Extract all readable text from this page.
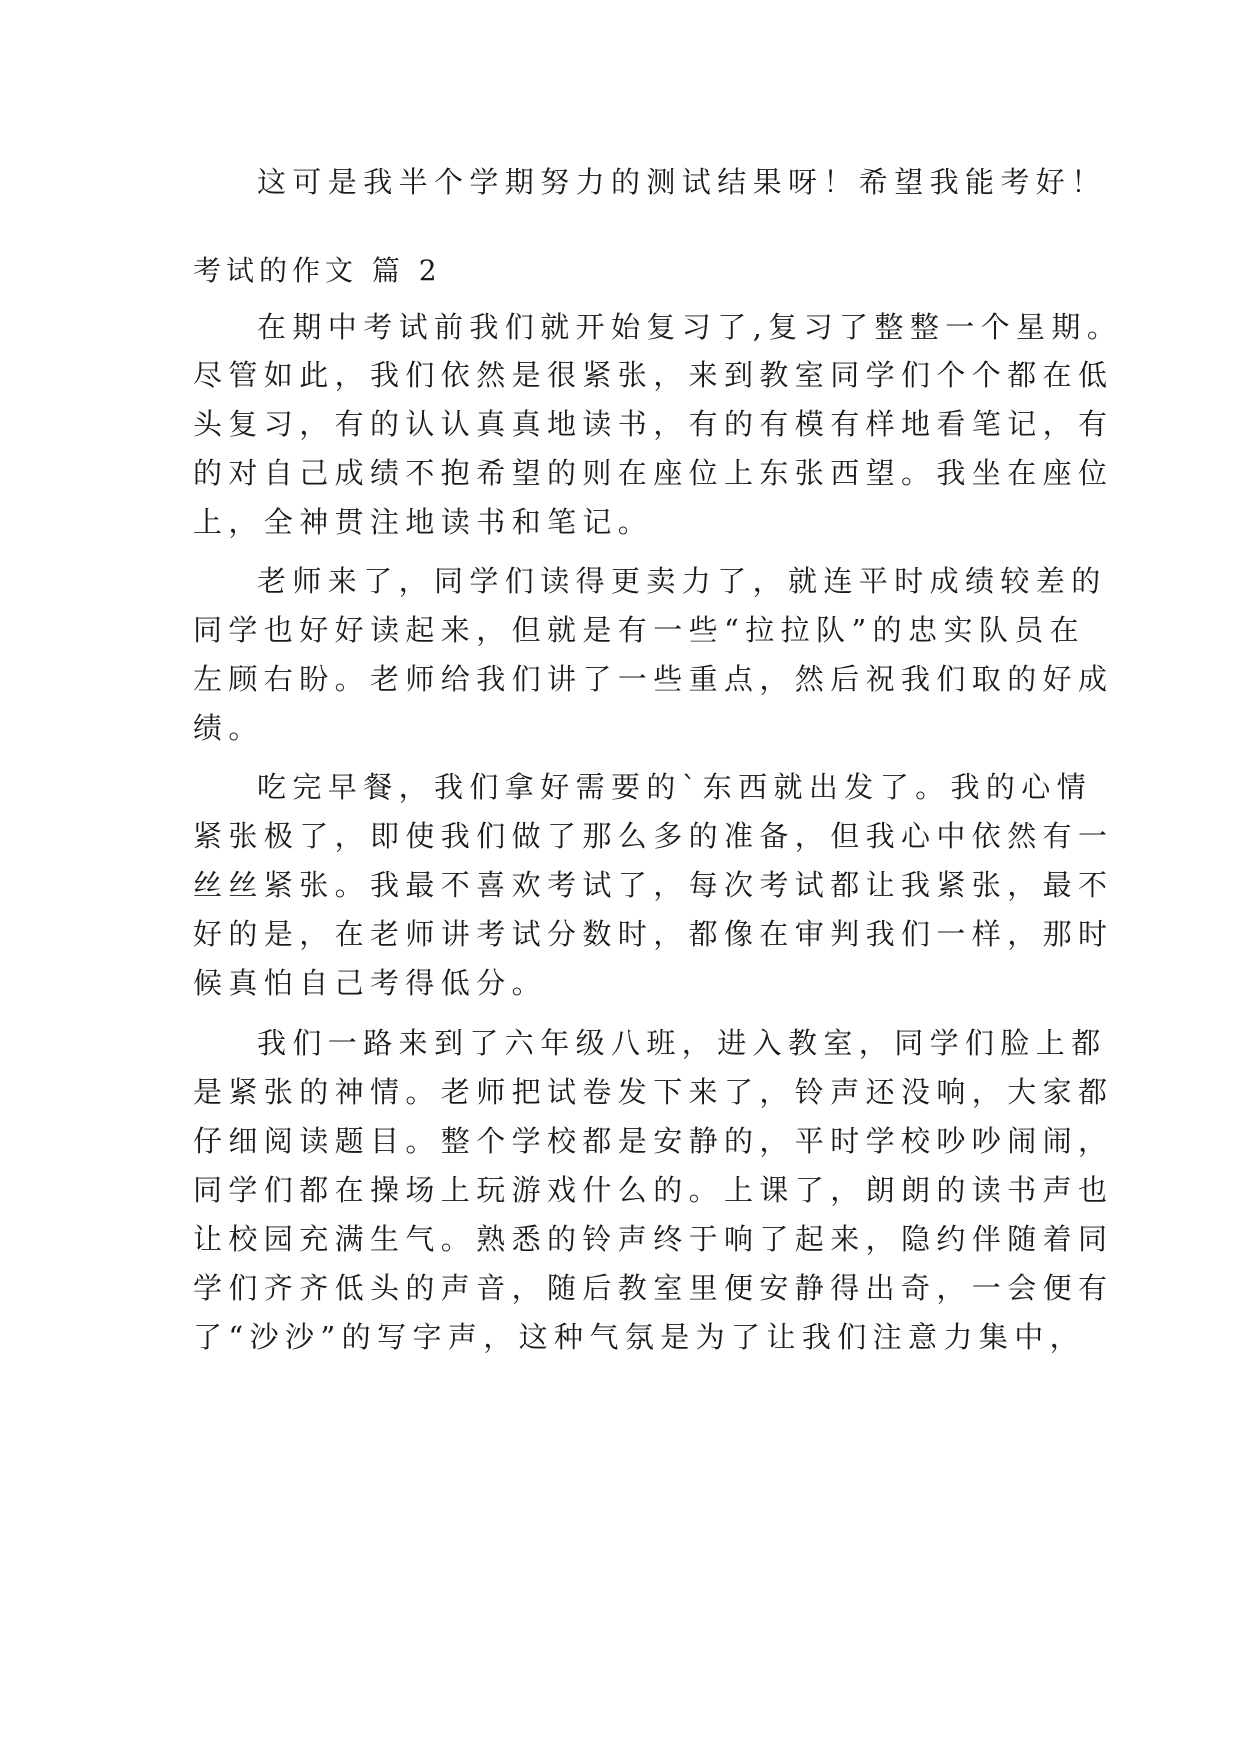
这可是我半个学期努力的测试结果呀！希望我能考好！
考试的作文 篇 2
在期中考试前我们就开始复习了,复习了整整一个星期。
尽管如此，我们依然是很紧张，来到教室同学们个个都在低
头复习，有的认认真真地读书，有的有模有样地看笔记，有
的对自己成绩不抱希望的则在座位上东张西望。我坐在座位
上，全神贯注地读书和笔记。
老师来了，同学们读得更卖力了，就连平时成绩较差的
同学也好好读起来，但就是有一些“拉拉队”的忠实队员在
左顾右盼。老师给我们讲了一些重点，然后祝我们取的好成
绩。
吃完早餐，我们拿好需要的`东西就出发了。我的心情
紧张极了，即使我们做了那么多的准备，但我心中依然有一
丝丝紧张。我最不喜欢考试了，每次考试都让我紧张，最不
好的是，在老师讲考试分数时，都像在审判我们一样，那时
候真怕自己考得低分。
我们一路来到了六年级八班，进入教室，同学们脸上都
是紧张的神情。老师把试卷发下来了，铃声还没响，大家都
仔细阅读题目。整个学校都是安静的，平时学校吵吵闹闹，
同学们都在操场上玩游戏什么的。上课了，朗朗的读书声也
让校园充满生气。熟悉的铃声终于响了起来，隐约伴随着同
学们齐齐低头的声音，随后教室里便安静得出奇，一会便有
了“沙沙”的写字声，这种气氛是为了让我们注意力集中，
